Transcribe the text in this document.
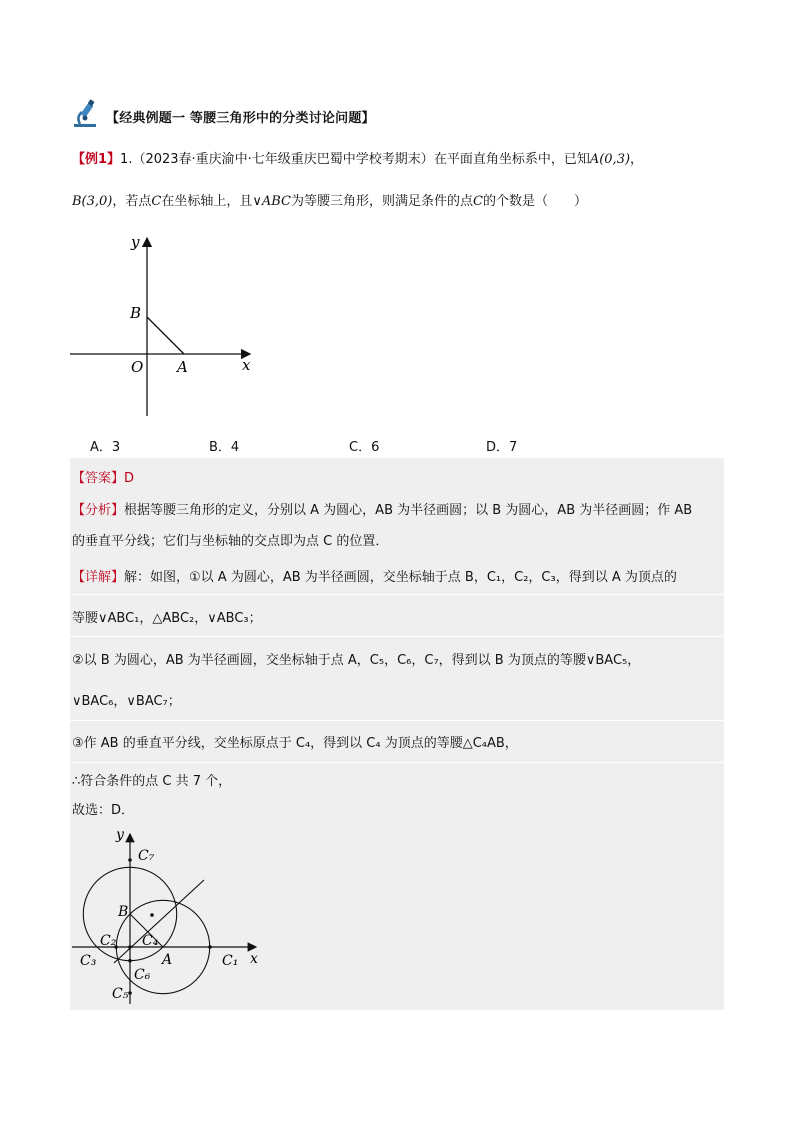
【经典例题一 等腰三角形中的分类讨论问题】
【例1】1.（2023春·重庆渝中·七年级重庆巴蜀中学校考期末）在平面直角坐标系中，已知A(0,3)，
B(3,0)，若点C在坐标轴上，且∨ABC为等腰三角形，则满足条件的点C的个数是（　　）
y
x
B
O A
A．3	B．4	C．6	D．7
【答案】D
【分析】根据等腰三角形的定义，分别以 A 为圆心，AB 为半径画圆；以 B 为圆心，AB 为半径画圆；作 AB
的垂直平分线；它们与坐标轴的交点即为点 C 的位置．
【详解】解：如图，①以 A 为圆心，AB 为半径画圆，交坐标轴于点 B，C₁，C₂，C₃，得到以 A 为顶点的
等腰∨ABC₁，△ABC₂，∨ABC₃；
②以 B 为圆心，AB 为半径画圆，交坐标轴于点 A，C₅，C₆，C₇，得到以 B 为顶点的等腰∨BAC₅，
∨BAC₆，∨BAC₇；
③作 AB 的垂直平分线，交坐标原点于 C₄，得到以 C₄ 为顶点的等腰△C₄AB，
∴符合条件的点 C 共 7 个，
故选：D．
y
x
B
A
C₇
C₂ C₄
C₃	C₁
C₆
C₅
